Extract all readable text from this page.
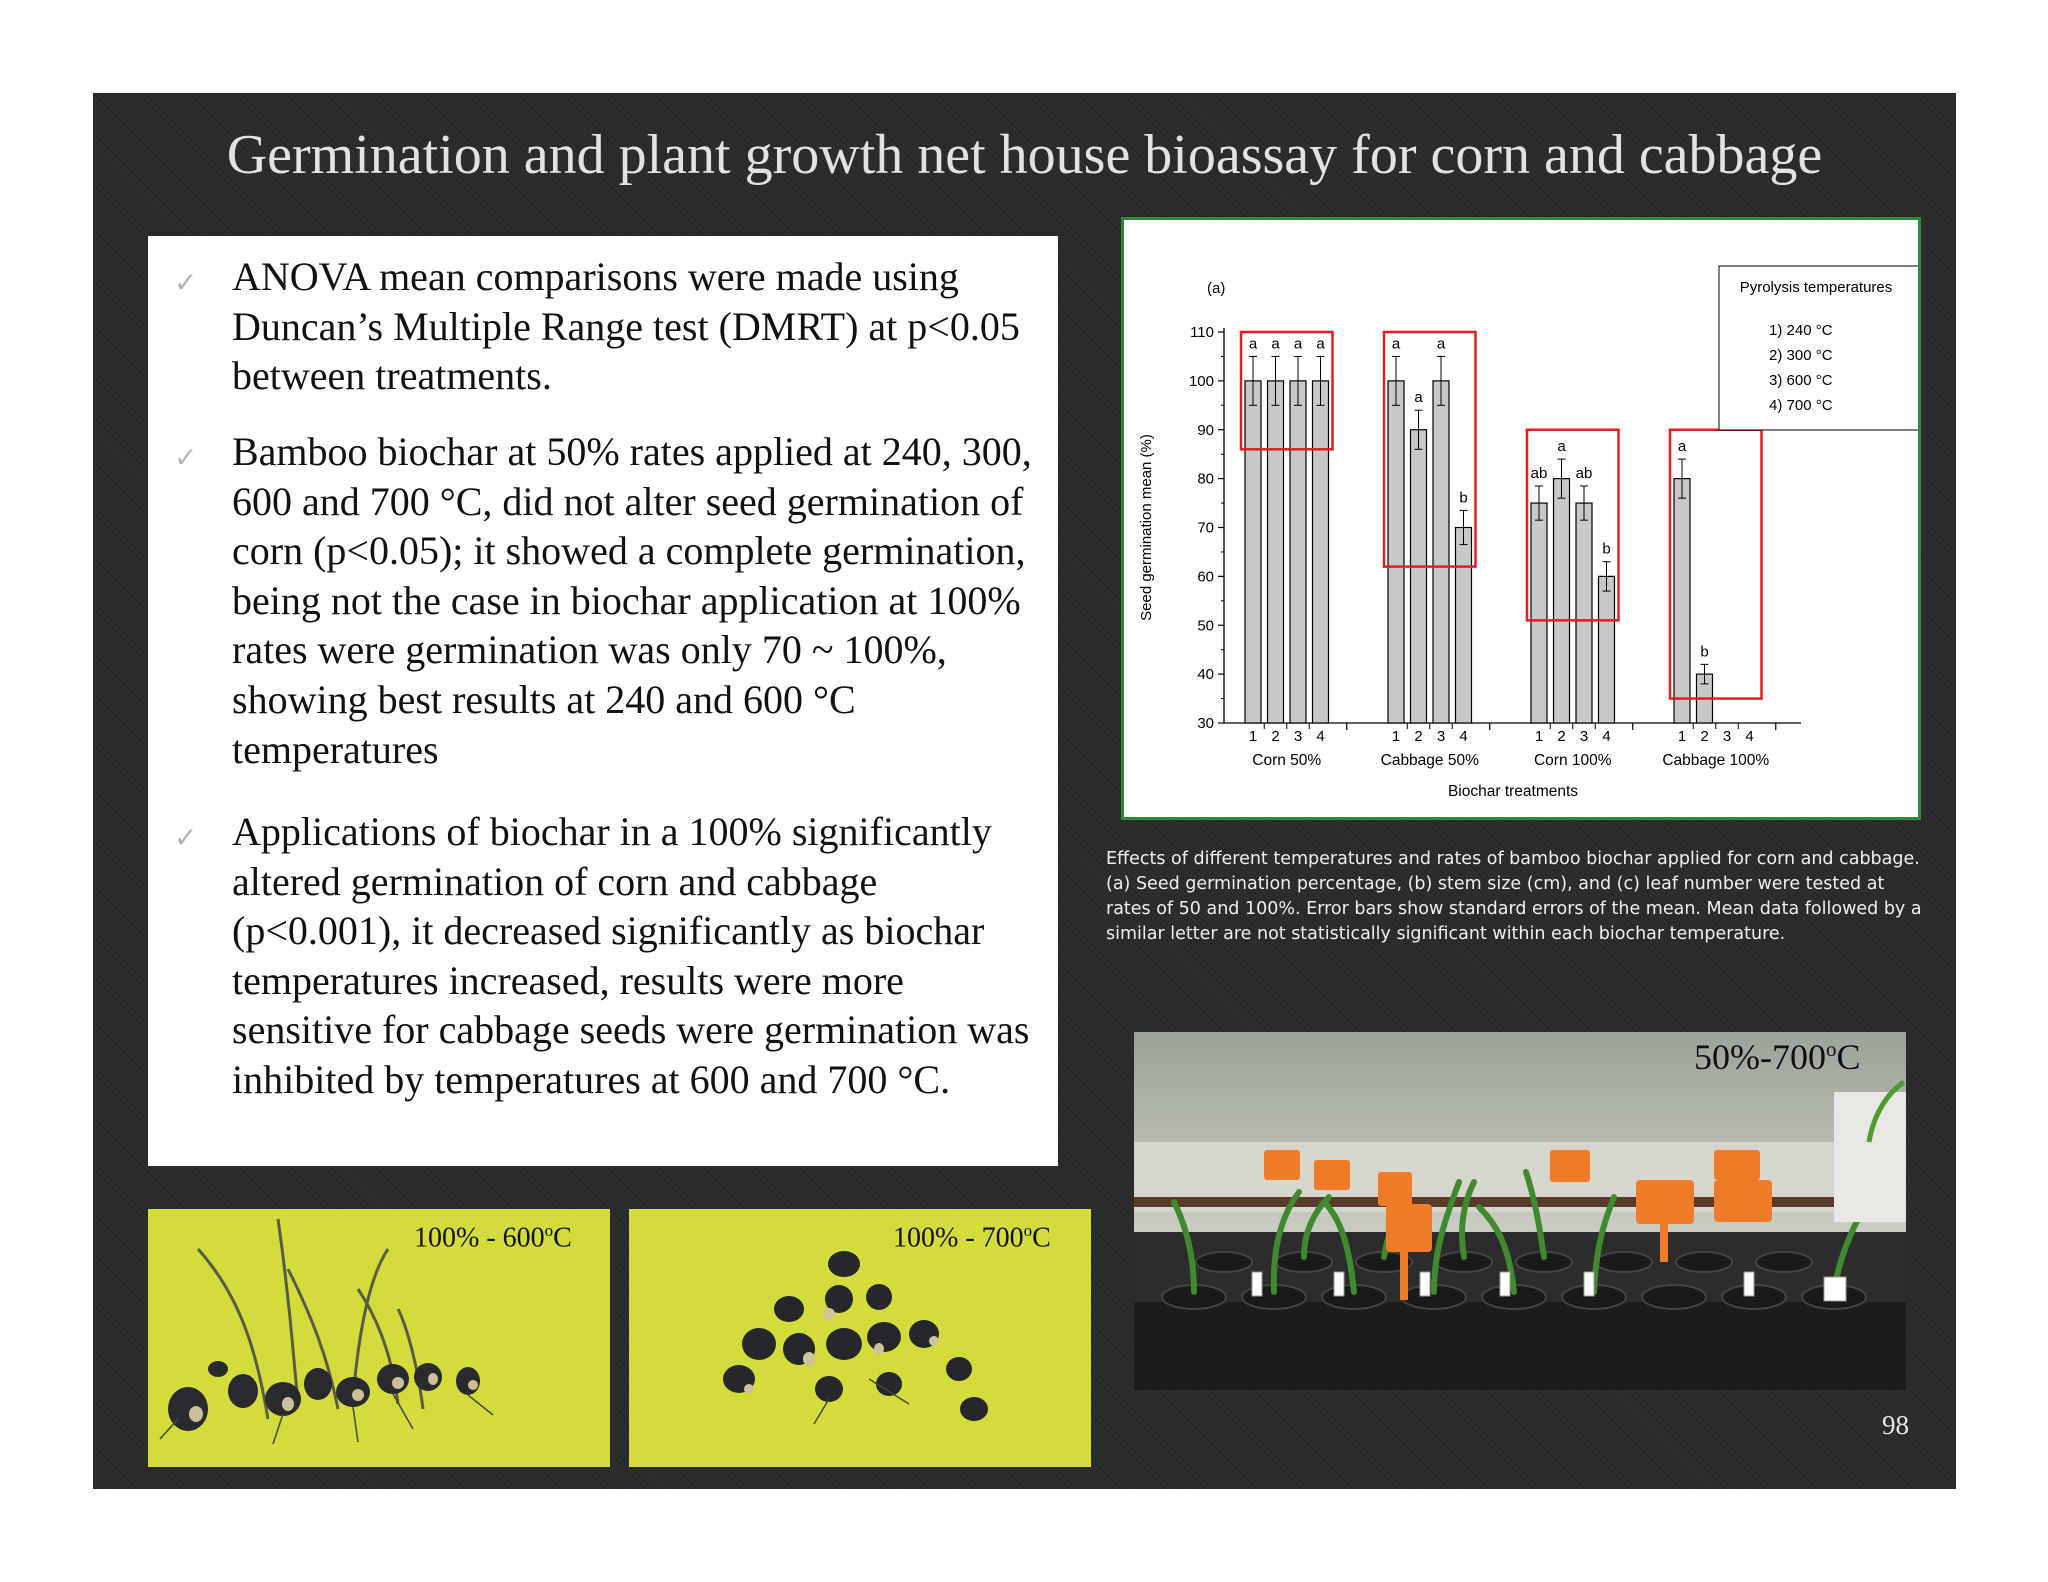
Germination and plant growth net house bioassay for corn and cabbage
✓ ANOVA mean comparisons were made using Duncan’s Multiple Range test (DMRT) at p<0.05 between treatments.
✓ Bamboo biochar at 50% rates applied at 240, 300, 600 and 700 °C, did not alter seed germination of corn (p<0.05); it showed a complete germination, being not the case in biochar application at 100% rates were germination was only 70 ~ 100%, showing best results at 240 and 600 °C temperatures
✓ Applications of biochar in a 100% significantly altered germination of corn and cabbage (p<0.001), it decreased significantly as biochar temperatures increased, results were more sensitive for cabbage seeds were germination was inhibited by temperatures at 600 and 700 °C.
30
40
50
60
70
80
90
100
110
Seed germination mean (%)
(a)
1
a
2
a
3
a
4
a
Corn 50%
1
a
2
a
3
a
4
b
Cabbage 50%
1
ab
2
a
3
ab
4
b
Corn 100%
1
a
2
b
3 4
Cabbage 100%
Biochar treatments
Pyrolysis temperatures
1) 240 °C
2) 300 °C
3) 600 °C
4) 700 °C
Effects of different temperatures and rates of bamboo biochar applied for corn and cabbage. (a) Seed germination percentage, (b) stem size (cm), and (c) leaf number were tested at rates of 50 and 100%. Error bars show standard errors of the mean. Mean data followed by a similar letter are not statistically significant within each biochar temperature.
100% - 600$^o$C	100% - 700$^o$C
50%-700$^o$C
98
